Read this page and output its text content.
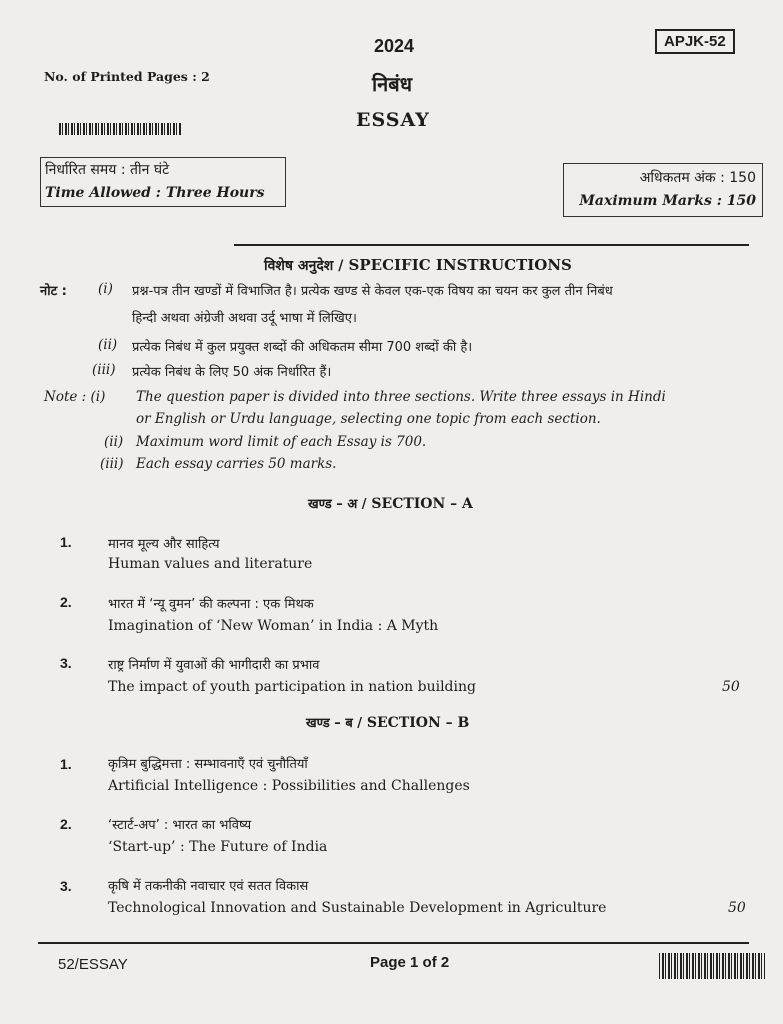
2024	APJK-52
No. of Printed Pages : 2	निबंध
ESSAY
निर्धारित समय : तीन घंटे
Time Allowed : Three Hours
अधिकतम अंक : 150
Maximum Marks : 150
विशेष अनुदेश / SPECIFIC INSTRUCTIONS
नोट : (i) प्रश्न-पत्र तीन खण्डों में विभाजित है। प्रत्येक खण्ड से केवल एक-एक विषय का चयन कर कुल तीन निबंध
हिन्दी अथवा अंग्रेजी अथवा उर्दू भाषा में लिखिए।
(ii) प्रत्येक निबंध में कुल प्रयुक्त शब्दों की अधिकतम सीमा 700 शब्दों की है।
(iii) प्रत्येक निबंध के लिए 50 अंक निर्धारित हैं।
Note : (i) The question paper is divided into three sections. Write three essays in Hindi
or English or Urdu language, selecting one topic from each section.
(ii) Maximum word limit of each Essay is 700.
(iii) Each essay carries 50 marks.
खण्ड – अ / SECTION – A
1.	मानव मूल्य और साहित्य
Human values and literature
2.	भारत में ‘न्यू वुमन’ की कल्पना : एक मिथक
Imagination of ‘New Woman’ in India : A Myth
3.	राष्ट्र निर्माण में युवाओं की भागीदारी का प्रभाव
The impact of youth participation in nation building	50
खण्ड – ब / SECTION – B
1.	कृत्रिम बुद्धिमत्ता : सम्भावनाएँ एवं चुनौतियाँ
Artificial Intelligence : Possibilities and Challenges
2.	‘स्टार्ट-अप’ : भारत का भविष्य
‘Start-up’ : The Future of India
3.	कृषि में तकनीकी नवाचार एवं सतत विकास
Technological Innovation and Sustainable Development in Agriculture	50
52/ESSAY	Page 1 of 2
